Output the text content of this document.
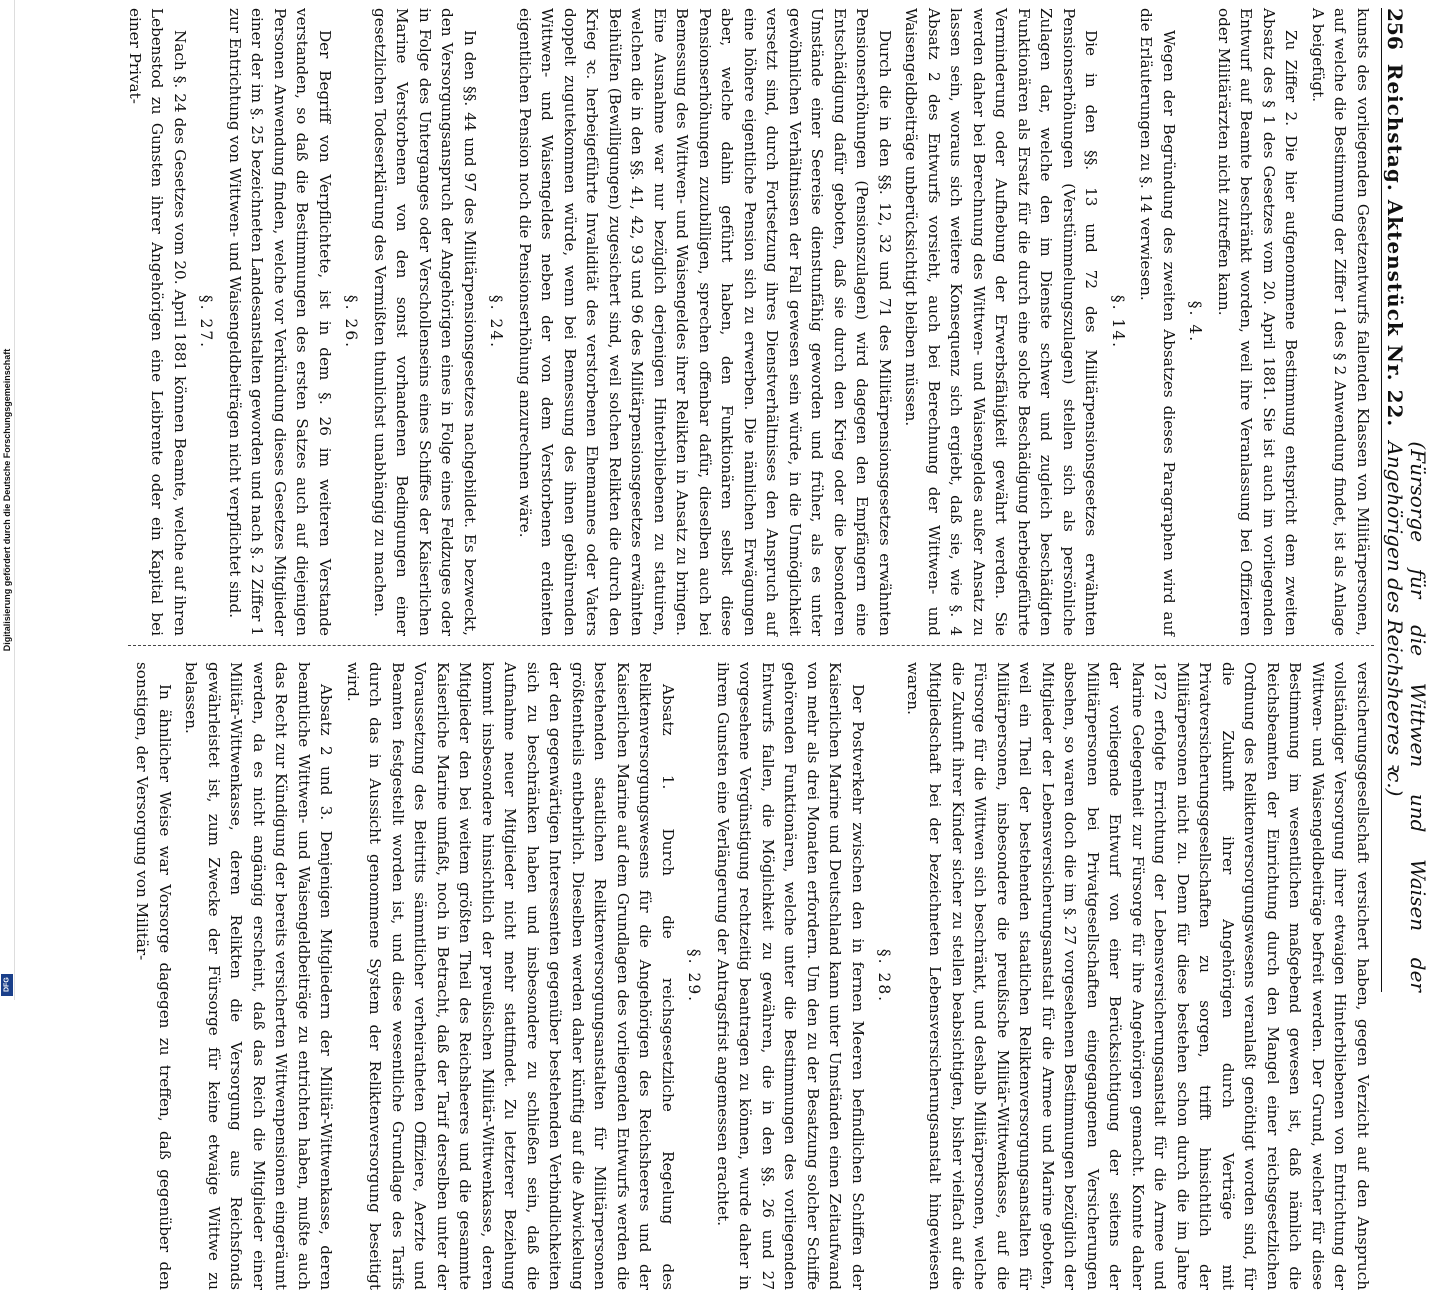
Digitalisierung gefördert durch die Deutsche Forschungsgemeinschaft
DFG
256
Reichstag. Aktenstück Nr. 22.
(Fürsorge für die Wittwen und Waisen der Angehörigen des Reichsheeres ꝛc.)

kunsts des vorliegenden Gesetzentwurfs fallenden Klassen von Militärpersonen, auf welche die Bestimmung der Ziffer 1 des § 2 Anwendung findet, ist als Anlage A beigefügt.

Zu Ziffer 2. Die hier aufgenommene Bestimmung entspricht dem zweiten Absatz des § 1 des Gesetzes vom 20. April 1881. Sie ist auch im vorliegenden Entwurf auf Beamte beschränkt worden, weil ihre Veranlassung bei Offizieren oder Militärärzten nicht zutreffen kann.

§. 4.

Wegen der Begründung des zweiten Absatzes dieses Paragraphen wird auf die Erläuterungen zu §. 14 verwiesen.

§. 14.

Die in den §§. 13 und 72 des Militärpensionsgesetzes erwähnten Pensionserhöhungen (Verstümmelungszulagen) stellen sich als persönliche Zulagen dar, welche den im Dienste schwer und zugleich beschädigten Funktionären als Ersatz für die durch eine solche Beschädigung herbeigeführte Verminderung oder Aufhebung der Erwerbsfähigkeit gewährt werden. Sie werden daher bei Berechnung des Wittwen- und Waisengeldes außer Ansatz zu lassen sein, woraus sich weitere Konsequenz sich ergiebt, daß sie, wie §. 4 Absatz 2 des Entwurfs vorsieht, auch bei Berechnung der Wittwen- und Waisengeldbeiträge unberücksichtigt bleiben müssen.

Durch die in den §§. 12, 32 und 71 des Militärpensionsgesetzes erwähnten Pensionserhöhungen (Pensionszulagen) wird dagegen den Empfängern eine Entschädigung dafür geboten, daß sie durch den Krieg oder die besonderen Umstände einer Seereise dienstunfähig geworden und früher, als es unter gewöhnlichen Verhältnissen der Fall gewesen sein würde, in die Unmöglichkeit versetzt sind, durch Fortsetzung ihres Dienstverhältnisses den Anspruch auf eine höhere eigentliche Pension sich zu erwerben. Die nämlichen Erwägungen aber, welche dahin geführt haben, den Funktionären selbst diese Pensionserhöhungen zuzubilligen, sprechen offenbar dafür, dieselben auch bei Bemessung des Wittwen- und Waisengeldes ihrer Relikten in Ansatz zu bringen. Eine Ausnahme war nur bezüglich derjenigen Hinterbliebenen zu statuiren, welchen die in den §§. 41, 42, 93 und 96 des Militärpensionsgesetzes erwähnten Beihülfen (Bewilligungen) zugesichert sind, weil solchen Relikten die durch den Krieg ꝛc. herbeigeführte Invalidität des verstorbenen Ehemannes oder Vaters doppelt zugutekommen würde, wenn bei Bemessung des ihnen gebührenden Wittwen- und Waisengeldes neben der von dem Verstorbenen erdienten eigentlichen Pension noch die Pensionserhöhung anzurechnen wäre.

§. 24.

In den §§. 44 und 97 des Militärpensionsgesetzes nachgebildet. Es bezweckt, den Versorgungsanspruch der Angehörigen eines in Folge eines Feldzuges oder in Folge des Unterganges oder Verschollenseins eines Schiffes der Kaiserlichen Marine Verstorbenen von den sonst vorhandenen Bedingungen einer gesetzlichen Todeserklärung des Vermißten thunlichst unabhängig zu machen.

§. 26.

Der Begriff von Verpflichtete, ist in dem §. 26 im weiteren Verstande verstanden, so daß die Bestimmungen des ersten Satzes auch auf diejenigen Personen Anwendung finden, welche vor Verkündung dieses Gesetzes Mitglieder einer der im §. 25 bezeichneten Landesanstalten geworden und nach §. 2 Ziffer 1 zur Entrichtung von Wittwen- und Waisengeldbeiträgen nicht verpflichtet sind.

§. 27.

Nach §. 24 des Gesetzes vom 20. April 1881 können Beamte, welche auf ihren Lebenstod zu Gunsten ihrer Angehörigen eine Leibrente oder ein Kapital bei einer Privat-

versicherungsgesellschaft versichert haben, gegen Verzicht auf den Anspruch vollständiger Versorgung ihrer etwaigen Hinterbliebenen von Entrichtung der Wittwen- und Waisengeldbeiträge befreit werden. Der Grund, welcher für diese Bestimmung im wesentlichen maßgebend gewesen ist, daß nämlich die Reichsbeamten der Einrichtung durch den Mangel einer reichsgesetzlichen Ordnung des Reliktenversorgungswesens veranlaßt genöthigt worden sind, für die Zukunft ihrer Angehörigen durch Verträge mit Privatversicherungsgesellschaften zu sorgen, trifft hinsichtlich der Militärpersonen nicht zu. Denn für diese bestehen schon durch die im Jahre 1872 erfolgte Errichtung der Lebensversicherungsanstalt für die Armee und Marine Gelegenheit zur Fürsorge für ihre Angehörigen gemacht. Konnte daher der vorliegende Entwurf von einer Berücksichtigung der seitens der Militärpersonen bei Privatgesellschaften eingegangenen Versicherungen absehen, so waren doch die im §. 27 vorgesehenen Bestimmungen bezüglich der Mitglieder der Lebensversicherungsanstalt für die Armee und Marine geboten, weil ein Theil der bestehenden staatlichen Reliktenversorgungsanstalten für Militärpersonen, insbesondere die preußische Militär-Wittwenkasse, auf die Fürsorge für die Wittwen sich beschränkt, und deshalb Militärpersonen, welche die Zukunft ihrer Kinder sicher zu stellen beabsichtigten, bisher vielfach auf die Mitgliedschaft bei der bezeichneten Lebensversicherungsanstalt hingewiesen waren.

§. 28.

Der Postverkehr zwischen den in fernen Meeren befindlichen Schiffen der Kaiserlichen Marine und Deutschland kann unter Umständen einen Zeitaufwand von mehr als drei Monaten erfordern. Um den zu der Besatzung solcher Schiffe gehörenden Funktionären, welche unter die Bestimmungen des vorliegenden Entwurfs fallen, die Möglichkeit zu gewähren, die in den §§. 26 und 27 vorgesehene Vergünstigung rechtzeitig beantragen zu können, wurde daher in ihrem Gunsten eine Verlängerung der Antragsfrist angemessen erachtet.

§. 29.

Absatz 1. Durch die reichsgesetzliche Regelung des Reliktenversorgungswesens für die Angehörigen des Reichsheeres und der Kaiserlichen Marine auf dem Grundlagen des vorliegenden Entwurfs werden die bestehenden staatlichen Reliktenversorgungsanstalten für Militärpersonen größtentheils entbehrlich. Dieselben werden daher künftig auf die Abwickelung der den gegenwärtigen Interessenten gegenüber bestehenden Verbindlichkeiten sich zu beschränken haben und insbesondere zu schließen sein, daß die Aufnahme neuer Mitglieder nicht mehr stattfindet. Zu letzterer Beziehung kommt insbesondere hinsichtlich der preußischen Militär-Wittwenkasse, deren Mitglieder den bei weitem größten Theil des Reichsheeres und die gesammte Kaiserliche Marine umfaßt, noch in Betracht, daß der Tarif derselben unter der Voraussetzung des Beitritts sämmtlicher verheiratheten Offiziere, Aerzte und Beamten festgestellt worden ist, und diese wesentliche Grundlage des Tarifs durch das in Aussicht genommene System der Reliktenversorgung beseitigt wird.

Absatz 2 und 3. Denjenigen Mitgliedern der Militär-Wittwenkasse, deren beamtliche Wittwen- und Waisengeldbeiträge zu entrichten haben, mußte auch das Recht zur Kündigung der bereits versicherten Wittwenpensionen eingeräumt werden, da es nicht angängig erscheint, daß das Reich die Mitglieder einer Militär-Wittwenkasse, deren Relikten die Versorgung aus Reichsfonds gewährleistet ist, zum Zwecke der Fürsorge für keine etwaige Wittwe zu belassen.

In ähnlicher Weise war Vorsorge dagegen zu treffen, daß gegenüber den sonstigen, der Versorgung von Militär-
